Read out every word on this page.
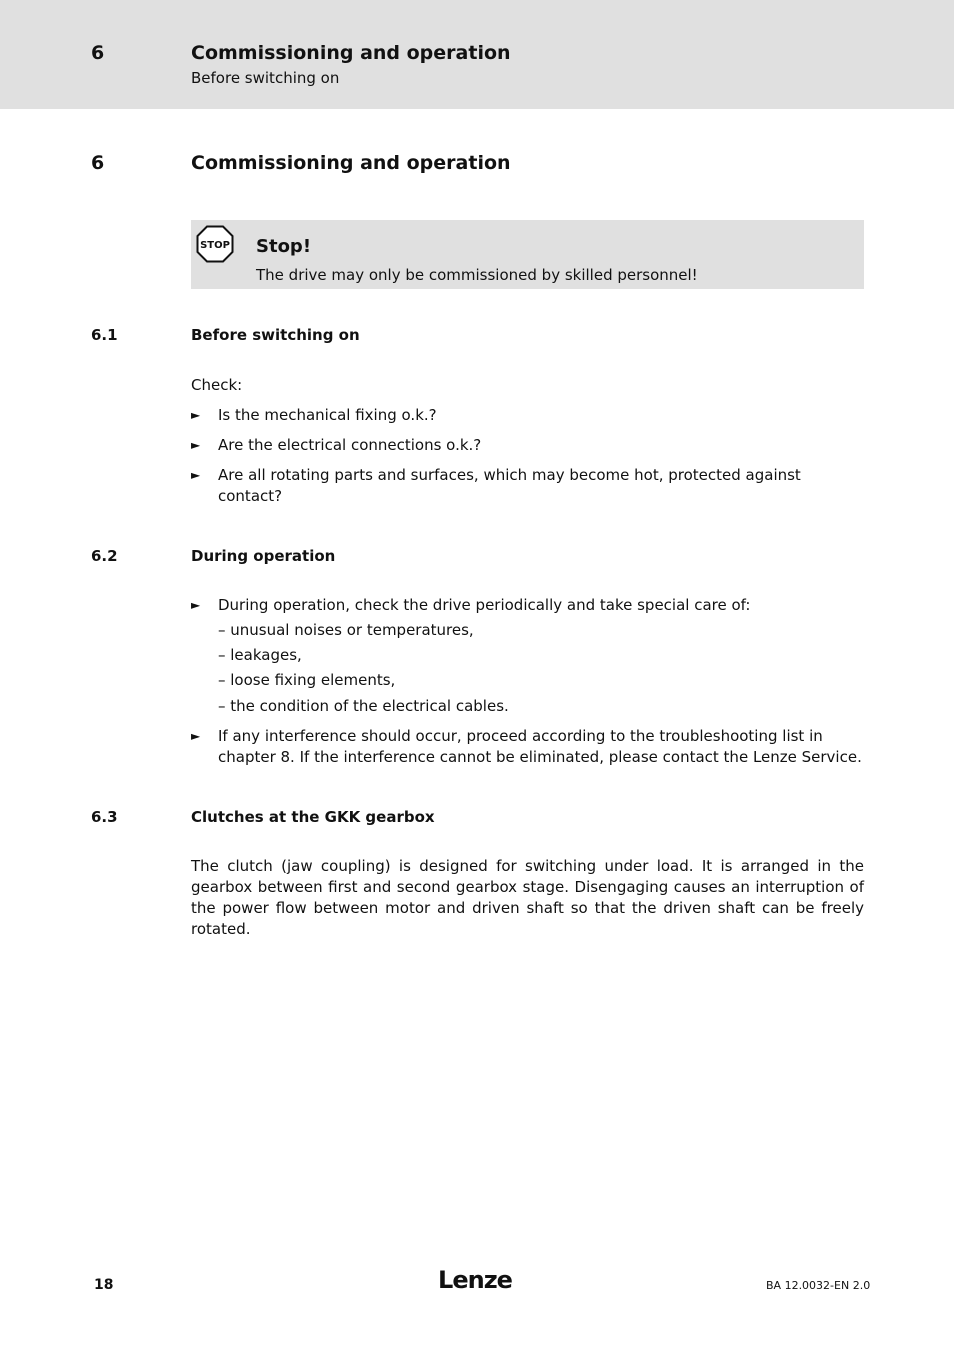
6	Commissioning and operation
Before switching on
6	Commissioning and operation
STOP Stop!
The drive may only be commissioned by skilled personnel!
6.1	Before switching on
Check:
► Is the mechanical fixing o.k.?
► Are the electrical connections o.k.?
► Are all rotating parts and surfaces, which may become hot, protected against contact?
6.2	During operation
► During operation, check the drive periodically and take special care of:
– unusual noises or temperatures,
– leakages,
– loose fixing elements,
– the condition of the electrical cables.
► If any interference should occur, proceed according to the troubleshooting list in chapter 8. If the interference cannot be eliminated, please contact the Lenze Service.
6.3	Clutches at the GKK gearbox

The clutch (jaw coupling) is designed for switching under load. It is arranged in the gearbox between first and second gearbox stage. Disengaging causes an interruption of the power flow between motor and driven shaft so that the driven shaft can be freely rotated.

18	Lenze	BA 12.0032-EN 2.0
